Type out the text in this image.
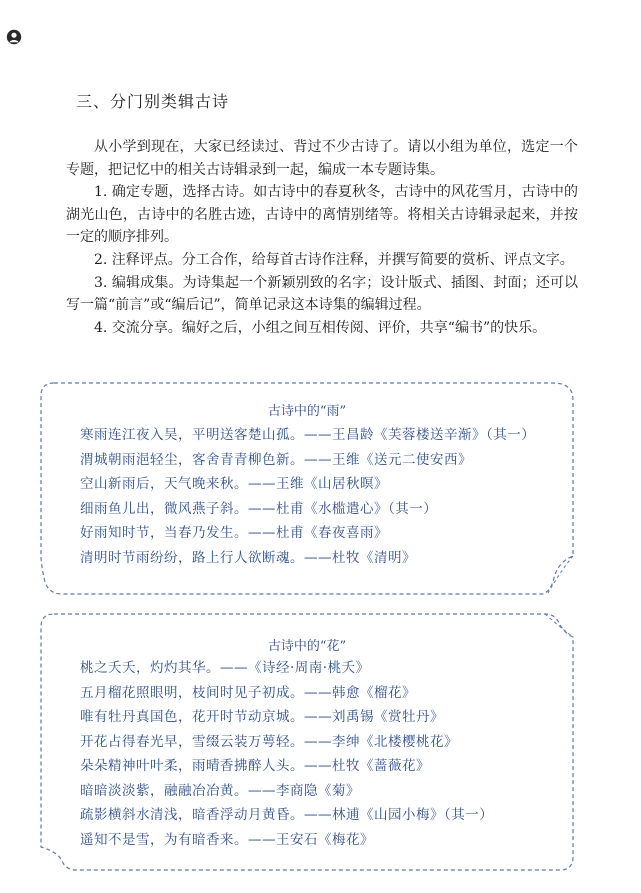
三、分门别类辑古诗

从小学到现在，大家已经读过、背过不少古诗了。请以小组为单位，选定一个专题，把记忆中的相关古诗辑录到一起，编成一本专题诗集。

1. 确定专题，选择古诗。如古诗中的春夏秋冬，古诗中的风花雪月，古诗中的湖光山色，古诗中的名胜古迹，古诗中的离情别绪等。将相关古诗辑录起来，并按一定的顺序排列。

2. 注释评点。分工合作，给每首古诗作注释，并撰写简要的赏析、评点文字。

3. 编辑成集。为诗集起一个新颖别致的名字；设计版式、插图、封面；还可以写一篇“前言”或“编后记”，简单记录这本诗集的编辑过程。

4. 交流分享。编好之后，小组之间互相传阅、评价，共享“编书”的快乐。

古诗中的“雨”
寒雨连江夜入吴，平明送客楚山孤。——王昌龄《芙蓉楼送辛渐》（其一）
渭城朝雨浥轻尘，客舍青青柳色新。——王维《送元二使安西》
空山新雨后，天气晚来秋。——王维《山居秋暝》
细雨鱼儿出，微风燕子斜。——杜甫《水槛遣心》（其一）
好雨知时节，当春乃发生。——杜甫《春夜喜雨》
清明时节雨纷纷，路上行人欲断魂。——杜牧《清明》
古诗中的“花”
桃之夭夭，灼灼其华。——《诗经·周南·桃夭》
五月榴花照眼明，枝间时见子初成。——韩愈《榴花》
唯有牡丹真国色，花开时节动京城。——刘禹锡《赏牡丹》
开花占得春光早，雪缀云装万萼轻。——李绅《北楼樱桃花》
朵朵精神叶叶柔，雨晴香拂醉人头。——杜牧《蔷薇花》
暗暗淡淡紫，融融冶冶黄。——李商隐《菊》
疏影横斜水清浅，暗香浮动月黄昏。——林逋《山园小梅》（其一）
遥知不是雪，为有暗香来。——王安石《梅花》
